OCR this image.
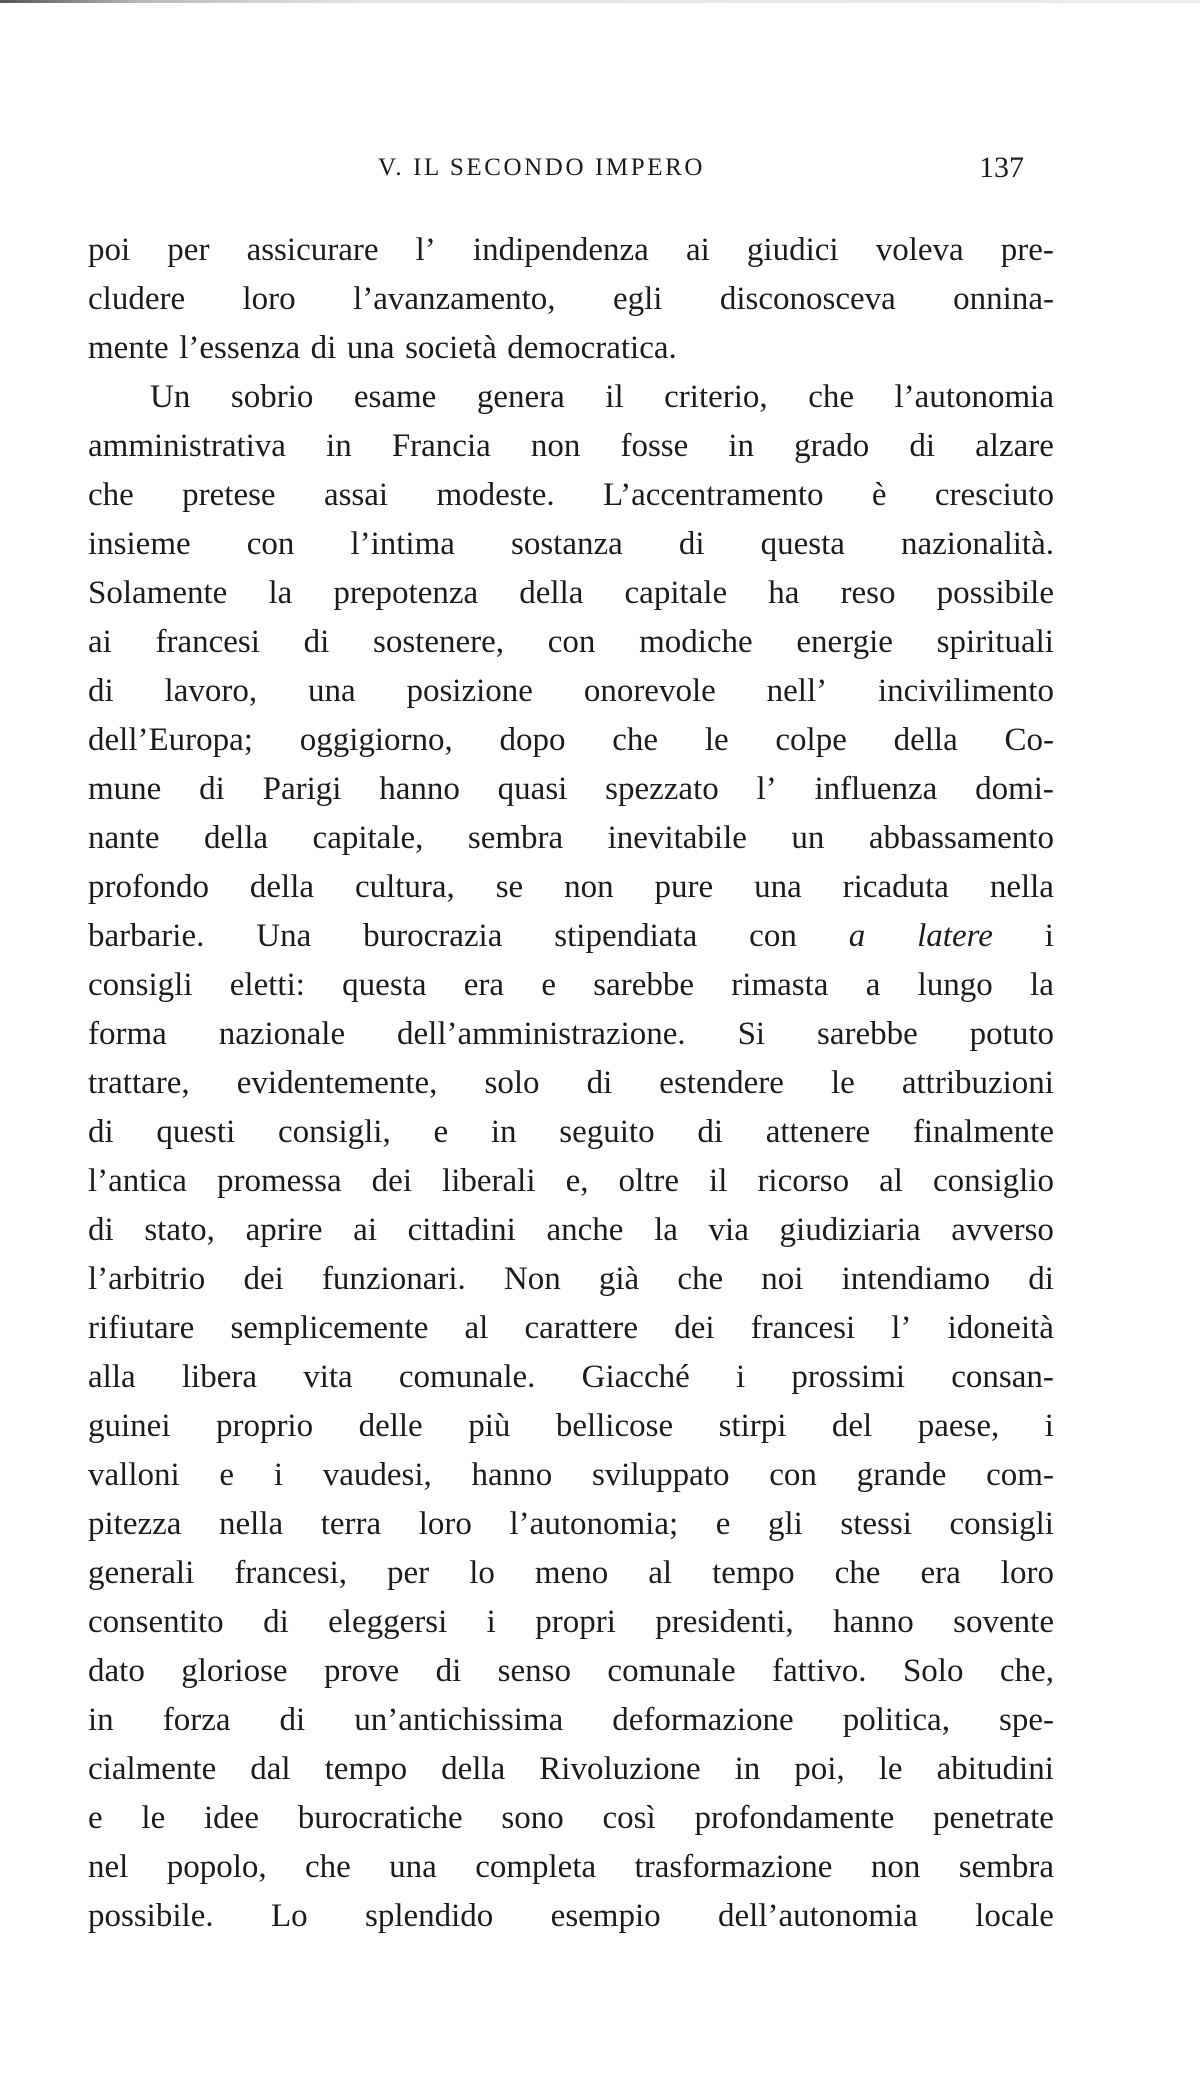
V. IL SECONDO IMPERO	137
poi per assicurare l’ indipendenza ai giudici voleva pre-
cludere loro l’avanzamento, egli disconosceva onnina-
mente l’essenza di una società democratica.
Un sobrio esame genera il criterio, che l’autonomia
amministrativa in Francia non fosse in grado di alzare
che pretese assai modeste. L’accentramento è cresciuto
insieme con l’intima sostanza di questa nazionalità.
Solamente la prepotenza della capitale ha reso possibile
ai francesi di sostenere, con modiche energie spirituali
di lavoro, una posizione onorevole nell’ incivilimento
dell’Europa; oggigiorno, dopo che le colpe della Co-
mune di Parigi hanno quasi spezzato l’ influenza domi-
nante della capitale, sembra inevitabile un abbassamento
profondo della cultura, se non pure una ricaduta nella
barbarie. Una burocrazia stipendiata con a latere i
consigli eletti: questa era e sarebbe rimasta a lungo la
forma nazionale dell’amministrazione. Si sarebbe potuto
trattare, evidentemente, solo di estendere le attribuzioni
di questi consigli, e in seguito di attenere finalmente
l’antica promessa dei liberali e, oltre il ricorso al consiglio
di stato, aprire ai cittadini anche la via giudiziaria avverso
l’arbitrio dei funzionari. Non già che noi intendiamo di
rifiutare semplicemente al carattere dei francesi l’ idoneità
alla libera vita comunale. Giacché i prossimi consan-
guinei proprio delle più bellicose stirpi del paese, i
valloni e i vaudesi, hanno sviluppato con grande com-
pitezza nella terra loro l’autonomia; e gli stessi consigli
generali francesi, per lo meno al tempo che era loro
consentito di eleggersi i propri presidenti, hanno sovente
dato gloriose prove di senso comunale fattivo. Solo che,
in forza di un’antichissima deformazione politica, spe-
cialmente dal tempo della Rivoluzione in poi, le abitudini
e le idee burocratiche sono così profondamente penetrate
nel popolo, che una completa trasformazione non sembra
possibile. Lo splendido esempio dell’autonomia locale
